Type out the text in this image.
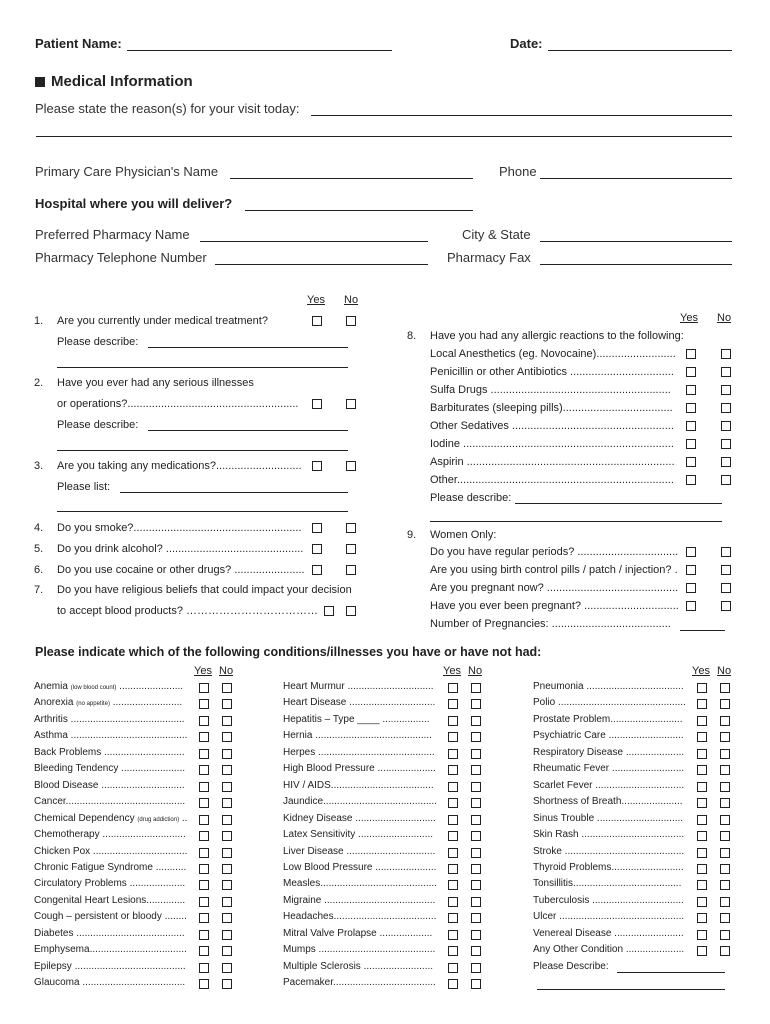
Patient Name:	Date:
Medical Information
Please state the reason(s) for your visit today:
Primary Care Physician's Name	Phone
Hospital where you will deliver?
Preferred Pharmacy Name	City & State
Pharmacy Telephone Number	Pharmacy Fax
Yes No
1. Are you currently under medical treatment?
Please describe:
2. Have you ever had any serious illnesses
or operations?........................................................
Please describe:
3. Are you taking any medications?............................
Please list:
4. Do you smoke?.......................................................
5. Do you drink alcohol? .............................................
6. Do you use cocaine or other drugs? .......................
7. Do you have religious beliefs that could impact your decision
to accept blood products? ………………………………
Yes No
8. Have you had any allergic reactions to the following:
Local Anesthetics (eg. Novocaine)..........................
Penicillin or other Antibiotics ..................................
Sulfa Drugs ...........................................................
Barbiturates (sleeping pills)....................................
Other Sedatives .....................................................
Iodine .....................................................................
Aspirin ....................................................................
Other.......................................................................
Please describe:
9. Women Only:
Do you have regular periods? .................................
Are you using birth control pills / patch / injection? .
Are you pregnant now? ...........................................
Have you ever been pregnant? ...............................
Number of Pregnancies: .......................................
Please indicate which of the following conditions/illnesses you have or have not had:
Yes No	Yes No	Yes No
Anemia (low blood count) .......................
Anorexia (no appetite) .........................
Arthritis .........................................
Asthma ..........................................
Back Problems .............................
Bleeding Tendency .......................
Blood Disease ..............................
Cancer...........................................
Chemical Dependency (drug addiction) ..
Chemotherapy ..............................
Chicken Pox ..................................
Chronic Fatigue Syndrome ...........
Circulatory Problems ....................
Congenital Heart Lesions..............
Cough – persistent or bloody ........
Diabetes .......................................
Emphysema...................................
Epilepsy ........................................
Glaucoma .....................................
Heart Murmur ...............................
Heart Disease ...............................
Hepatitis – Type ____ .................
Hernia ..........................................
Herpes ..........................................
High Blood Pressure .....................
HIV / AIDS.....................................
Jaundice.........................................
Kidney Disease .............................
Latex Sensitivity ...........................
Liver Disease ................................
Low Blood Pressure ......................
Measles..........................................
Migraine ........................................
Headaches.....................................
Mitral Valve Prolapse ...................
Mumps ..........................................
Multiple Sclerosis .........................
Pacemaker.....................................
Pneumonia ...................................
Polio ..............................................
Prostate Problem..........................
Psychiatric Care ...........................
Respiratory Disease .....................
Rheumatic Fever ..........................
Scarlet Fever ................................
Shortness of Breath......................
Sinus Trouble ...............................
Skin Rash .....................................
Stroke ...........................................
Thyroid Problems..........................
Tonsillitis.......................................
Tuberculosis .................................
Ulcer .............................................
Venereal Disease .........................
Any Other Condition .....................
Please Describe:
